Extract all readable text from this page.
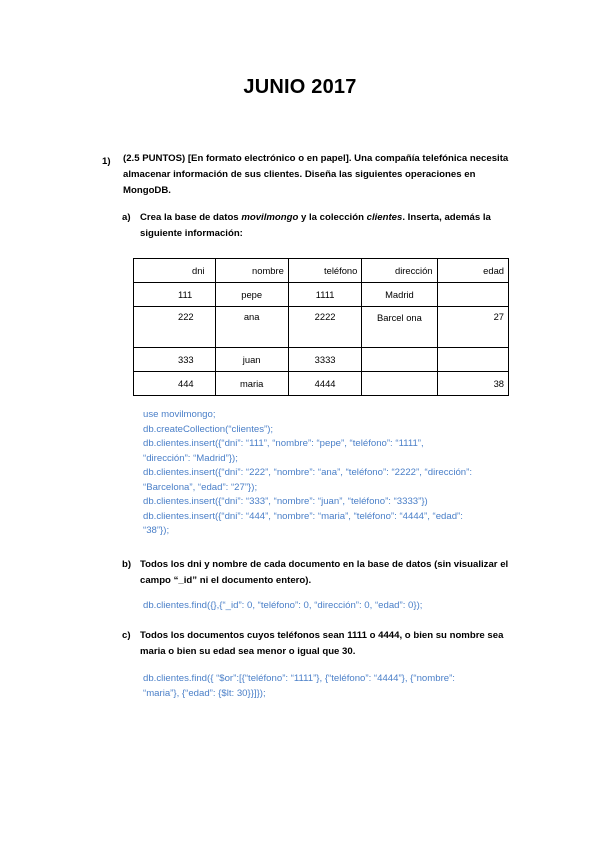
JUNIO 2017
1) (2.5 PUNTOS) [En formato electrónico o en papel]. Una compañía telefónica necesita almacenar información de sus clientes. Diseña las siguientes operaciones en MongoDB.
a) Crea la base de datos movilmongo y la colección clientes. Inserta, además la siguiente información:
dni	nombre	teléfono	dirección	edad
111	pepe	1111	Madrid	
222	ana	2222	Barcel ona	27
333	juan	3333		
444	maria	4444		38
use movilmongo;
db.createCollection(“clientes”);
db.clientes.insert({“dni”: “111”, “nombre”: “pepe”, “teléfono”: “1111”,
“dirección”: “Madrid”});
db.clientes.insert({“dni”: “222”, “nombre”: “ana”, “teléfono”: “2222”, “dirección”:
“Barcelona”, “edad”: “27”});
db.clientes.insert({“dni”: “333”, “nombre”: “juan”, “teléfono”: “3333”})
db.clientes.insert({“dni”: “444”, “nombre”: “maria”, “teléfono”: “4444”, “edad”:
“38”});
b) Todos los dni y nombre de cada documento en la base de datos (sin visualizar el campo “_id” ni el documento entero).
db.clientes.find({},{“_id”: 0, “teléfono”: 0, “dirección”: 0, “edad”: 0});
c) Todos los documentos cuyos teléfonos sean 1111 o 4444, o bien su nombre sea maria o bien su edad sea menor o igual que 30.
db.clientes.find({ “$or”:[{“teléfono”: “1111”}, {“teléfono”: “4444”}, {“nombre”:
“maria”}, {“edad”: {$lt: 30}}]});
